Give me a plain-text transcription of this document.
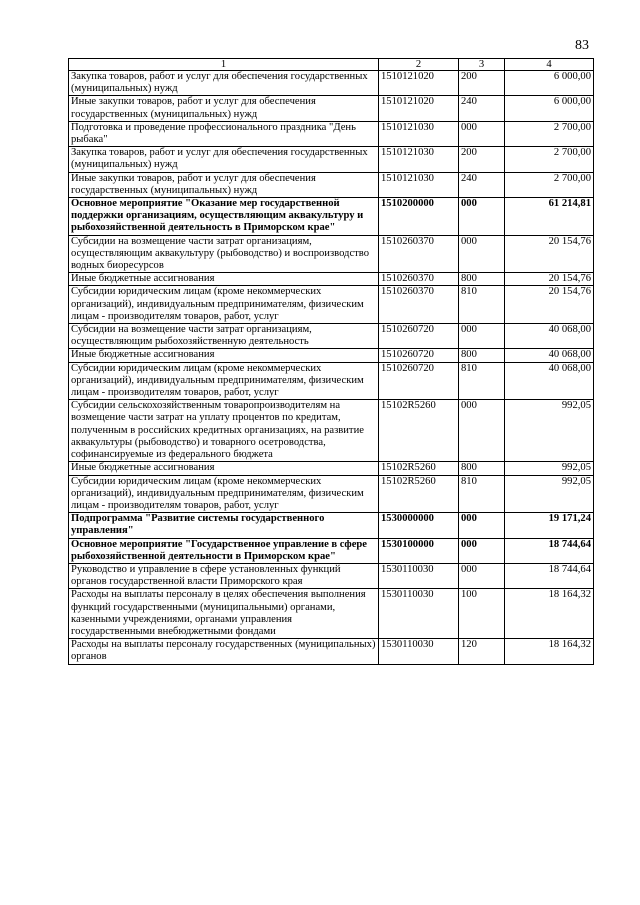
83
1	2	3	4
Закупка товаров, работ и услуг для обеспечения государственных (муниципальных) нужд	1510121020	200	6 000,00
Иные закупки товаров, работ и услуг для обеспечения государственных (муниципальных) нужд	1510121020	240	6 000,00
Подготовка и проведение профессионального праздника "День рыбака"	1510121030	000	2 700,00
Закупка товаров, работ и услуг для обеспечения государственных (муниципальных) нужд	1510121030	200	2 700,00
Иные закупки товаров, работ и услуг для обеспечения государственных (муниципальных) нужд	1510121030	240	2 700,00
Основное мероприятие "Оказание мер государственной поддержки организациям, осуществляющим аквакультуру и рыбохозяйственной деятельность в Приморском крае"	1510200000	000	61 214,81
Субсидии на возмещение части затрат организациям, осуществляющим аквакультуру (рыбоводство) и воспроизводство водных биоресурсов	1510260370	000	20 154,76
Иные бюджетные ассигнования	1510260370	800	20 154,76
Субсидии юридическим лицам (кроме некоммерческих организаций), индивидуальным предпринимателям, физическим лицам - производителям товаров, работ, услуг	1510260370	810	20 154,76
Субсидии на возмещение части затрат организациям, осуществляющим рыбохозяйственную деятельность	1510260720	000	40 068,00
Иные бюджетные ассигнования	1510260720	800	40 068,00
Субсидии юридическим лицам (кроме некоммерческих организаций), индивидуальным предпринимателям, физическим лицам - производителям товаров, работ, услуг	1510260720	810	40 068,00
Субсидии сельскохозяйственным товаропроизводителям на возмещение части затрат на уплату процентов по кредитам, полученным в российских кредитных организациях, на развитие аквакультуры (рыбоводство) и товарного осетроводства, софинансируемые из федерального бюджета	15102R5260	000	992,05
Иные бюджетные ассигнования	15102R5260	800	992,05
Субсидии юридическим лицам (кроме некоммерческих организаций), индивидуальным предпринимателям, физическим лицам - производителям товаров, работ, услуг	15102R5260	810	992,05
Подпрограмма "Развитие системы государственного управления"	1530000000	000	19 171,24
Основное мероприятие "Государственное управление в сфере рыбохозяйственной деятельности в Приморском крае"	1530100000	000	18 744,64
Руководство и управление в сфере установленных функций органов государственной власти Приморского края	1530110030	000	18 744,64
Расходы на выплаты персоналу в целях обеспечения выполнения функций государственными (муниципальными) органами, казенными учреждениями, органами управления государственными внебюджетными фондами	1530110030	100	18 164,32
Расходы на выплаты персоналу государственных (муниципальных) органов	1530110030	120	18 164,32
